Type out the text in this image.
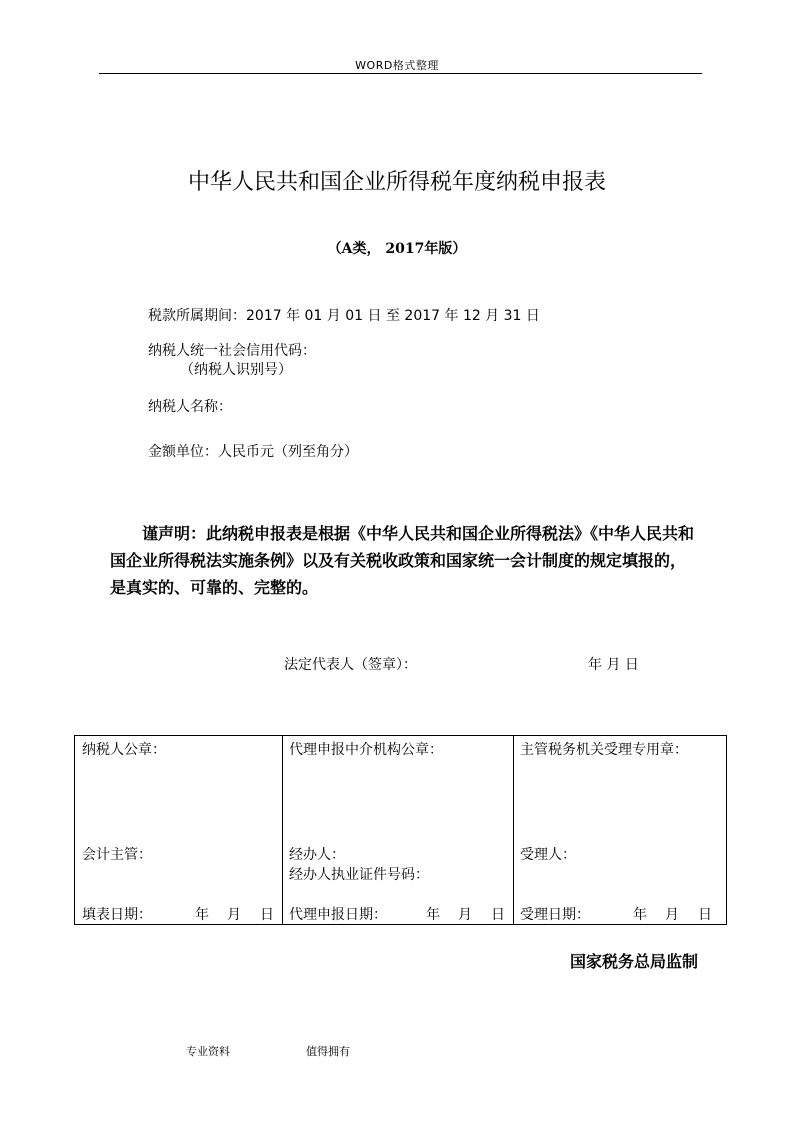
WORD格式整理
中华人民共和国企业所得税年度纳税申报表
（A类， 2017年版）
税款所属期间：2017 年 01 月 01 日 至 2017 年 12 月 31 日
纳税人统一社会信用代码：
（纳税人识别号）
纳税人名称：
金额单位：人民币元（列至角分）
谨声明：此纳税申报表是根据《中华人民共和国企业所得税法》《中华人民共和国企业所得税法实施条例》以及有关税收政策和国家统一会计制度的规定填报的，是真实的、可靠的、完整的。
法定代表人（签章）：	年 月 日
纳税人公章：
会计主管：
填表日期：	年 月 日

代理申报中介机构公章：
经办人：
经办人执业证件号码：
代理申报日期：	年 月 日

主管税务机关受理专用章：
受理人：
受理日期：	年 月 日
国家税务总局监制
专业资料	值得拥有
